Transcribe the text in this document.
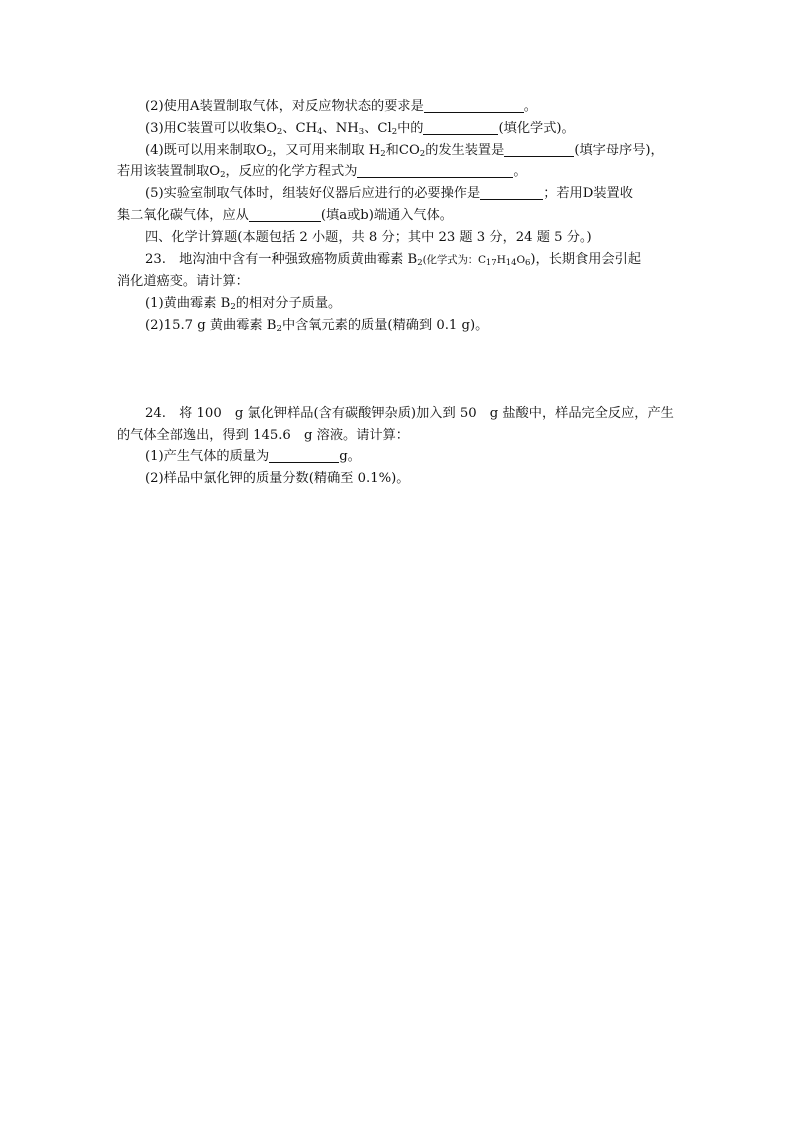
(2)使用A装置制取气体，对反应物状态的要求是	。

(3)用C装置可以收集$O_2$、$CH_4$、$NH_3$、$Cl_2$中的	(填化学式)。

(4)既可以用来制取$O_2$，又可用来制取 $H_2$和$CO_2$的发生装置是	(填字母序号)，

若用该装置制取$O_2$，反应的化学方程式为	。

(5)实验室制取气体时，组装好仪器后应进行的必要操作是	；若用D装置收

集二氧化碳气体，应从	(填a或b)端通入气体。

四、化学计算题(本题包括 2 小题，共 8 分；其中 23 题 3 分，24 题 5 分。)

23.　地沟油中含有一种强致癌物质黄曲霉素 $B_2$(化学式为：$C_{17}H_{14}O_6$)，长期食用会引起

消化道癌变。请计算：

(1)黄曲霉素 $B_2$的相对分子质量。

(2)15.7 g 黄曲霉素 $B_2$中含氧元素的质量(精确到 0.1 g)。

24.　将 100　g 氯化钾样品(含有碳酸钾杂质)加入到 50　g 盐酸中，样品完全反应，产生

的气体全部逸出，得到 145.6　g 溶液。请计算：

(1)产生气体的质量为	g。

(2)样品中氯化钾的质量分数(精确至 0.1%)。
